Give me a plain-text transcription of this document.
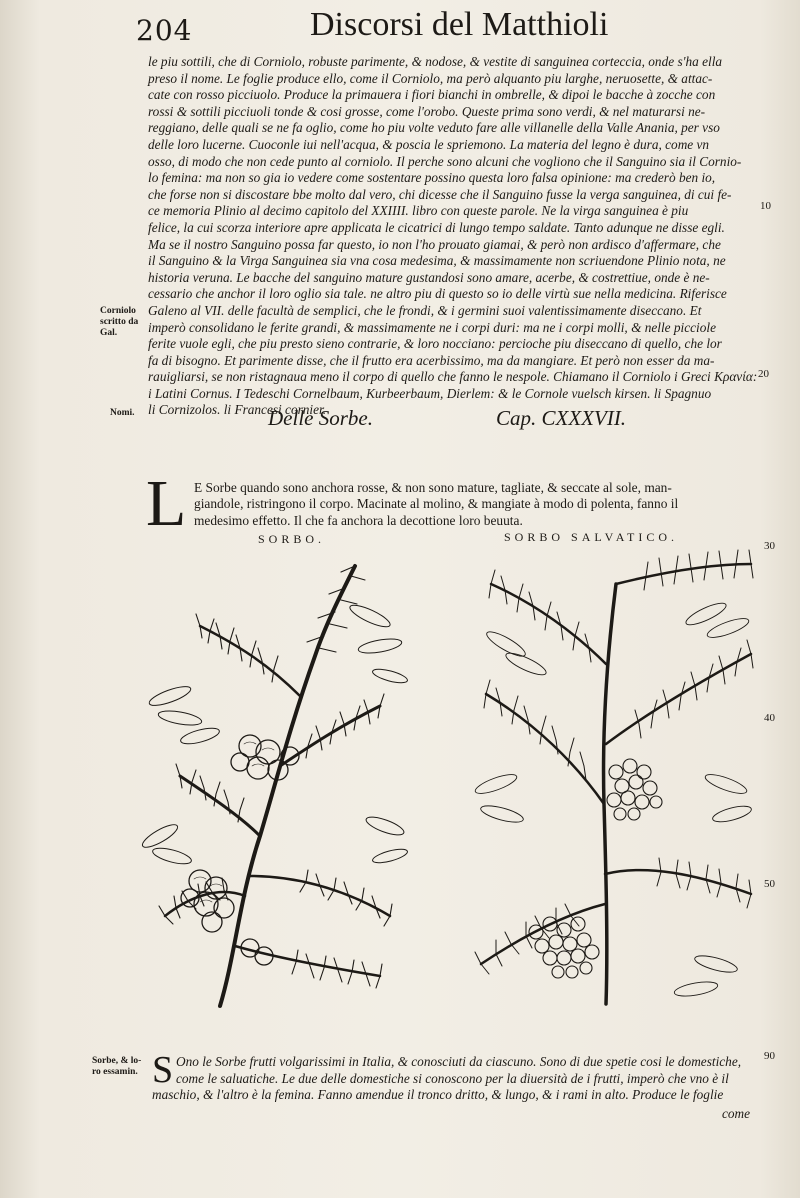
204	Discorsi del Matthioli
le piu sottili, che di Corniolo, robuste parimente, & nodose, & vestite di sanguinea corteccia, onde s'ha ella
preso il nome. Le foglie produce ello, come il Corniolo, ma però alquanto piu larghe, neruosette, & attac-
cate con rosso picciuolo. Produce la primauera i fiori bianchi in ombrelle, & dipoi le bacche à zocche con
rossi & sottili picciuoli tonde & cosi grosse, come l'orobo. Queste prima sono verdi, & nel maturarsi ne-
reggiano, delle quali se ne fa oglio, come ho piu volte veduto fare alle villanelle della Valle Anania, per vso
delle loro lucerne. Cuoconle iui nell'acqua, & poscia le spriemono. La materia del legno è dura, come vn
osso, di modo che non cede punto al corniolo. Il perche sono alcuni che vogliono che il Sanguino sia il Cornio-
lo femina: ma non so gia io vedere come sostentare possino questa loro falsa opinione: ma crederò ben io,
che forse non si discostare bbe molto dal vero, chi dicesse che il Sanguino fusse la verga sanguinea, di cui fe-
ce memoria Plinio al decimo capitolo del XXIIII. libro con queste parole. Ne la virga sanguinea è piu
felice, la cui scorza interiore apre applicata le cicatrici di lungo tempo saldate. Tanto adunque ne disse egli.
Ma se il nostro Sanguino possa far questo, io non l'ho prouato giamai, & però non ardisco d'affermare, che
il Sanguino & la Virga Sanguinea sia vna cosa medesima, & massimamente non scriuendone Plinio nota, ne
historia veruna. Le bacche del sanguino mature gustandosi sono amare, acerbe, & costrettiue, onde è ne-
cessario che anchor il loro oglio sia tale. ne altro piu di questo so io delle virtù sue nella medicina. Riferisce
Galeno al VII. delle facultà de semplici, che le frondi, & i germini suoi valentissimamente diseccano. Et
imperò consolidano le ferite grandi, & massimamente ne i corpi duri: ma ne i corpi molli, & nelle picciole
ferite vuole egli, che piu presto sieno contrarie, & loro nocciano: percioche piu diseccano di quello, che lor
fa di bisogno. Et parimente disse, che il frutto era acerbissimo, ma da mangiare. Et però non esser da ma-
rauigliarsi, se non ristagnaua meno il corpo di quello che fanno le nespole. Chiamano il Corniolo i Greci Κρανία:
i Latini Cornus. I Tedeschi Cornelbaum, Kurbeerbaum, Dierlem: & le Cornole vuelsch kirsen. li Spagnuo
li Cornizolos. li Francesi cornier.
Corniolo scritto da Gal.
Nomi.
Sorbe, & lo-ro essamin.
10
20
30
40
50
90
Delle Sorbe.	Cap. CXXXVII.
L E Sorbe quando sono anchora rosse, & non sono mature, tagliate, & seccate al sole, man-
giandole, ristringono il corpo. Macinate al molino, & mangiate à modo di polenta, fanno il
medesimo effetto. Il che fa anchora la decottione loro beuuta.
SORBO.	SORBO SALVATICO.
S Ono le Sorbe frutti volgarissimi in Italia, & conosciuti da ciascuno. Sono di due spetie cosi le domestiche,
come le saluatiche. Le due delle domestiche si conoscono per la diuersità de i frutti, imperò che vno è il
maschio, & l'altro è la femina. Fanno amendue il tronco dritto, & lungo, & i rami in alto. Produce le foglie
come
